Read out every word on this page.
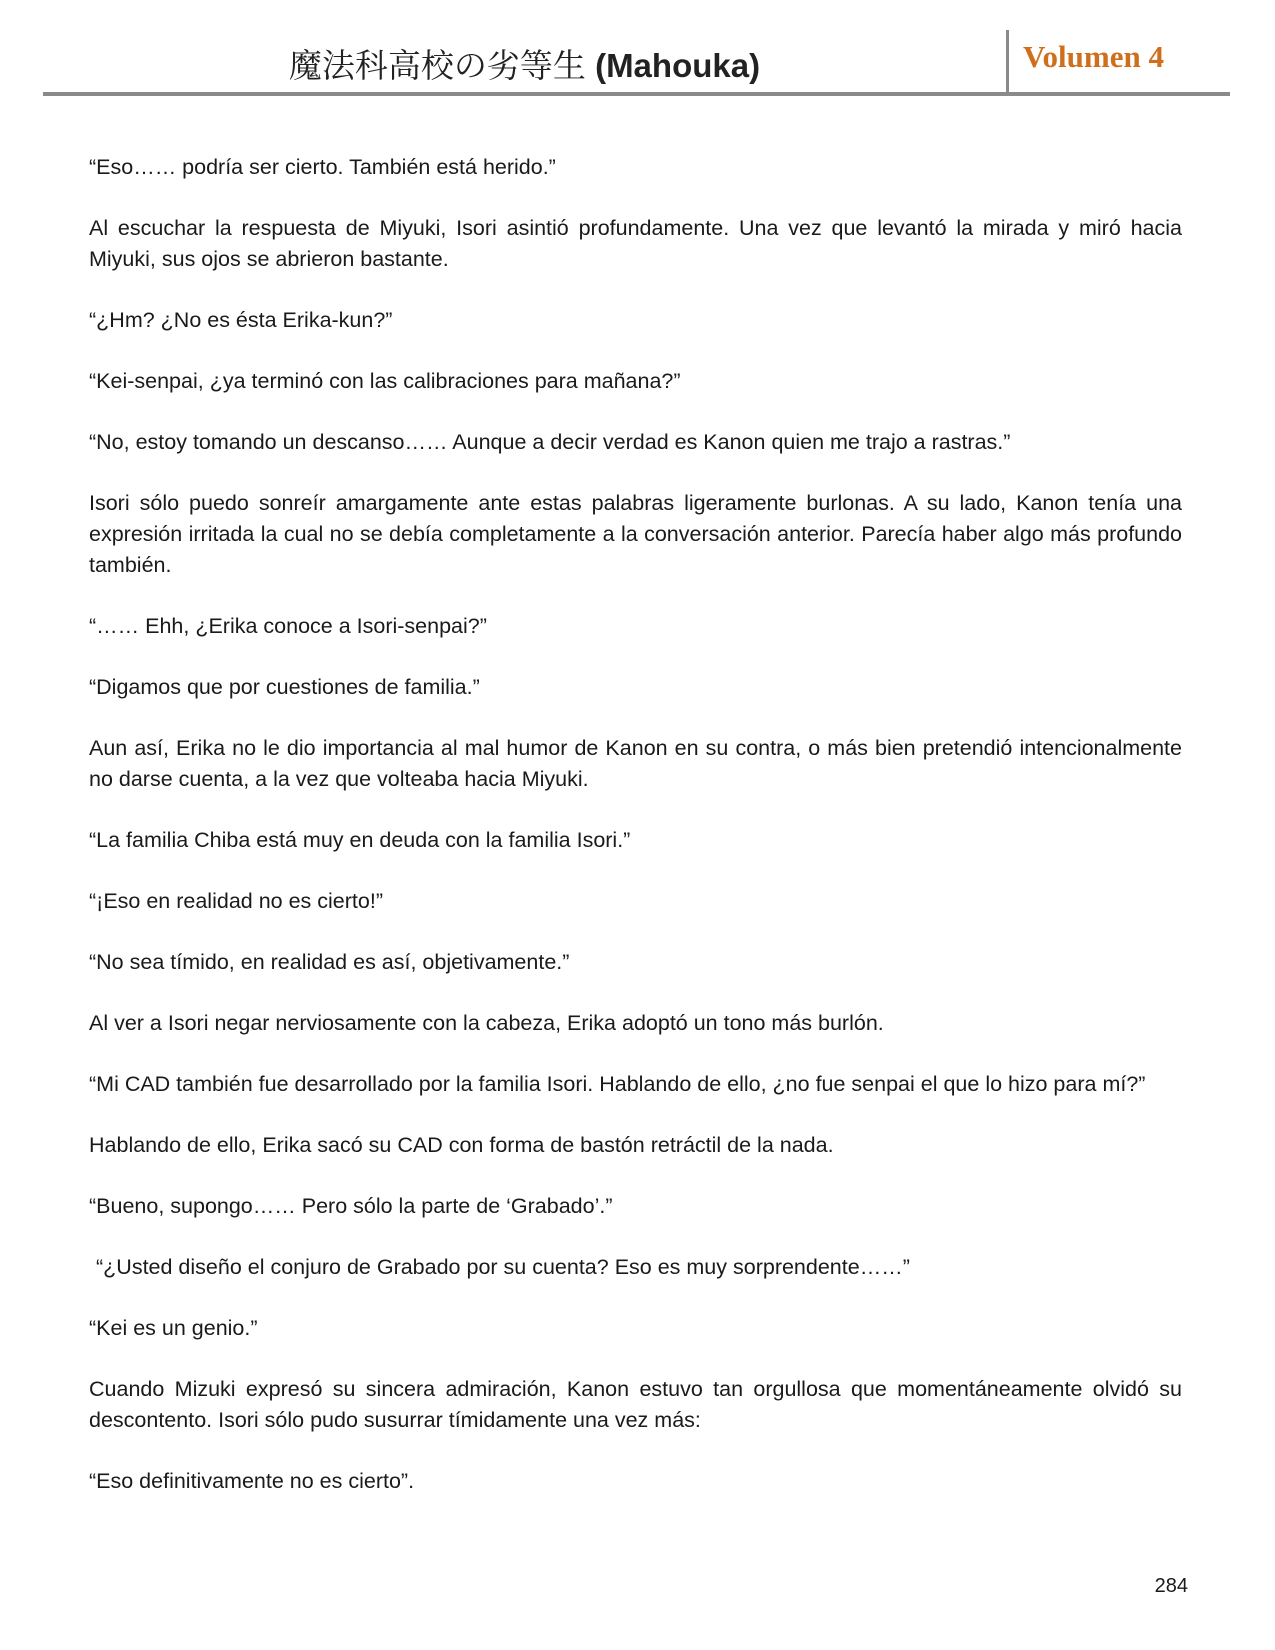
魔法科高校の劣等生 (Mahouka)	Volumen 4

“Eso…… podría ser cierto. También está herido.”

Al escuchar la respuesta de Miyuki, Isori asintió profundamente. Una vez que levantó la mirada y miró hacia Miyuki, sus ojos se abrieron bastante.

“¿Hm? ¿No es ésta Erika-kun?”

“Kei-senpai, ¿ya terminó con las calibraciones para mañana?”

“No, estoy tomando un descanso…… Aunque a decir verdad es Kanon quien me trajo a rastras.”

Isori sólo puedo sonreír amargamente ante estas palabras ligeramente burlonas. A su lado, Kanon tenía una expresión irritada la cual no se debía completamente a la conversación anterior. Parecía haber algo más profundo también.

“…… Ehh, ¿Erika conoce a Isori-senpai?”

“Digamos que por cuestiones de familia.”

Aun así, Erika no le dio importancia al mal humor de Kanon en su contra, o más bien pretendió intencionalmente no darse cuenta, a la vez que volteaba hacia Miyuki.

“La familia Chiba está muy en deuda con la familia Isori.”

“¡Eso en realidad no es cierto!”

“No sea tímido, en realidad es así, objetivamente.”

Al ver a Isori negar nerviosamente con la cabeza, Erika adoptó un tono más burlón.

“Mi CAD también fue desarrollado por la familia Isori. Hablando de ello, ¿no fue senpai el que lo hizo para mí?”

Hablando de ello, Erika sacó su CAD con forma de bastón retráctil de la nada.

“Bueno, supongo…… Pero sólo la parte de ‘Grabado’.”

“¿Usted diseño el conjuro de Grabado por su cuenta? Eso es muy sorprendente……”

“Kei es un genio.”

Cuando Mizuki expresó su sincera admiración, Kanon estuvo tan orgullosa que momentáneamente olvidó su descontento. Isori sólo pudo susurrar tímidamente una vez más:

“Eso definitivamente no es cierto”.

284
